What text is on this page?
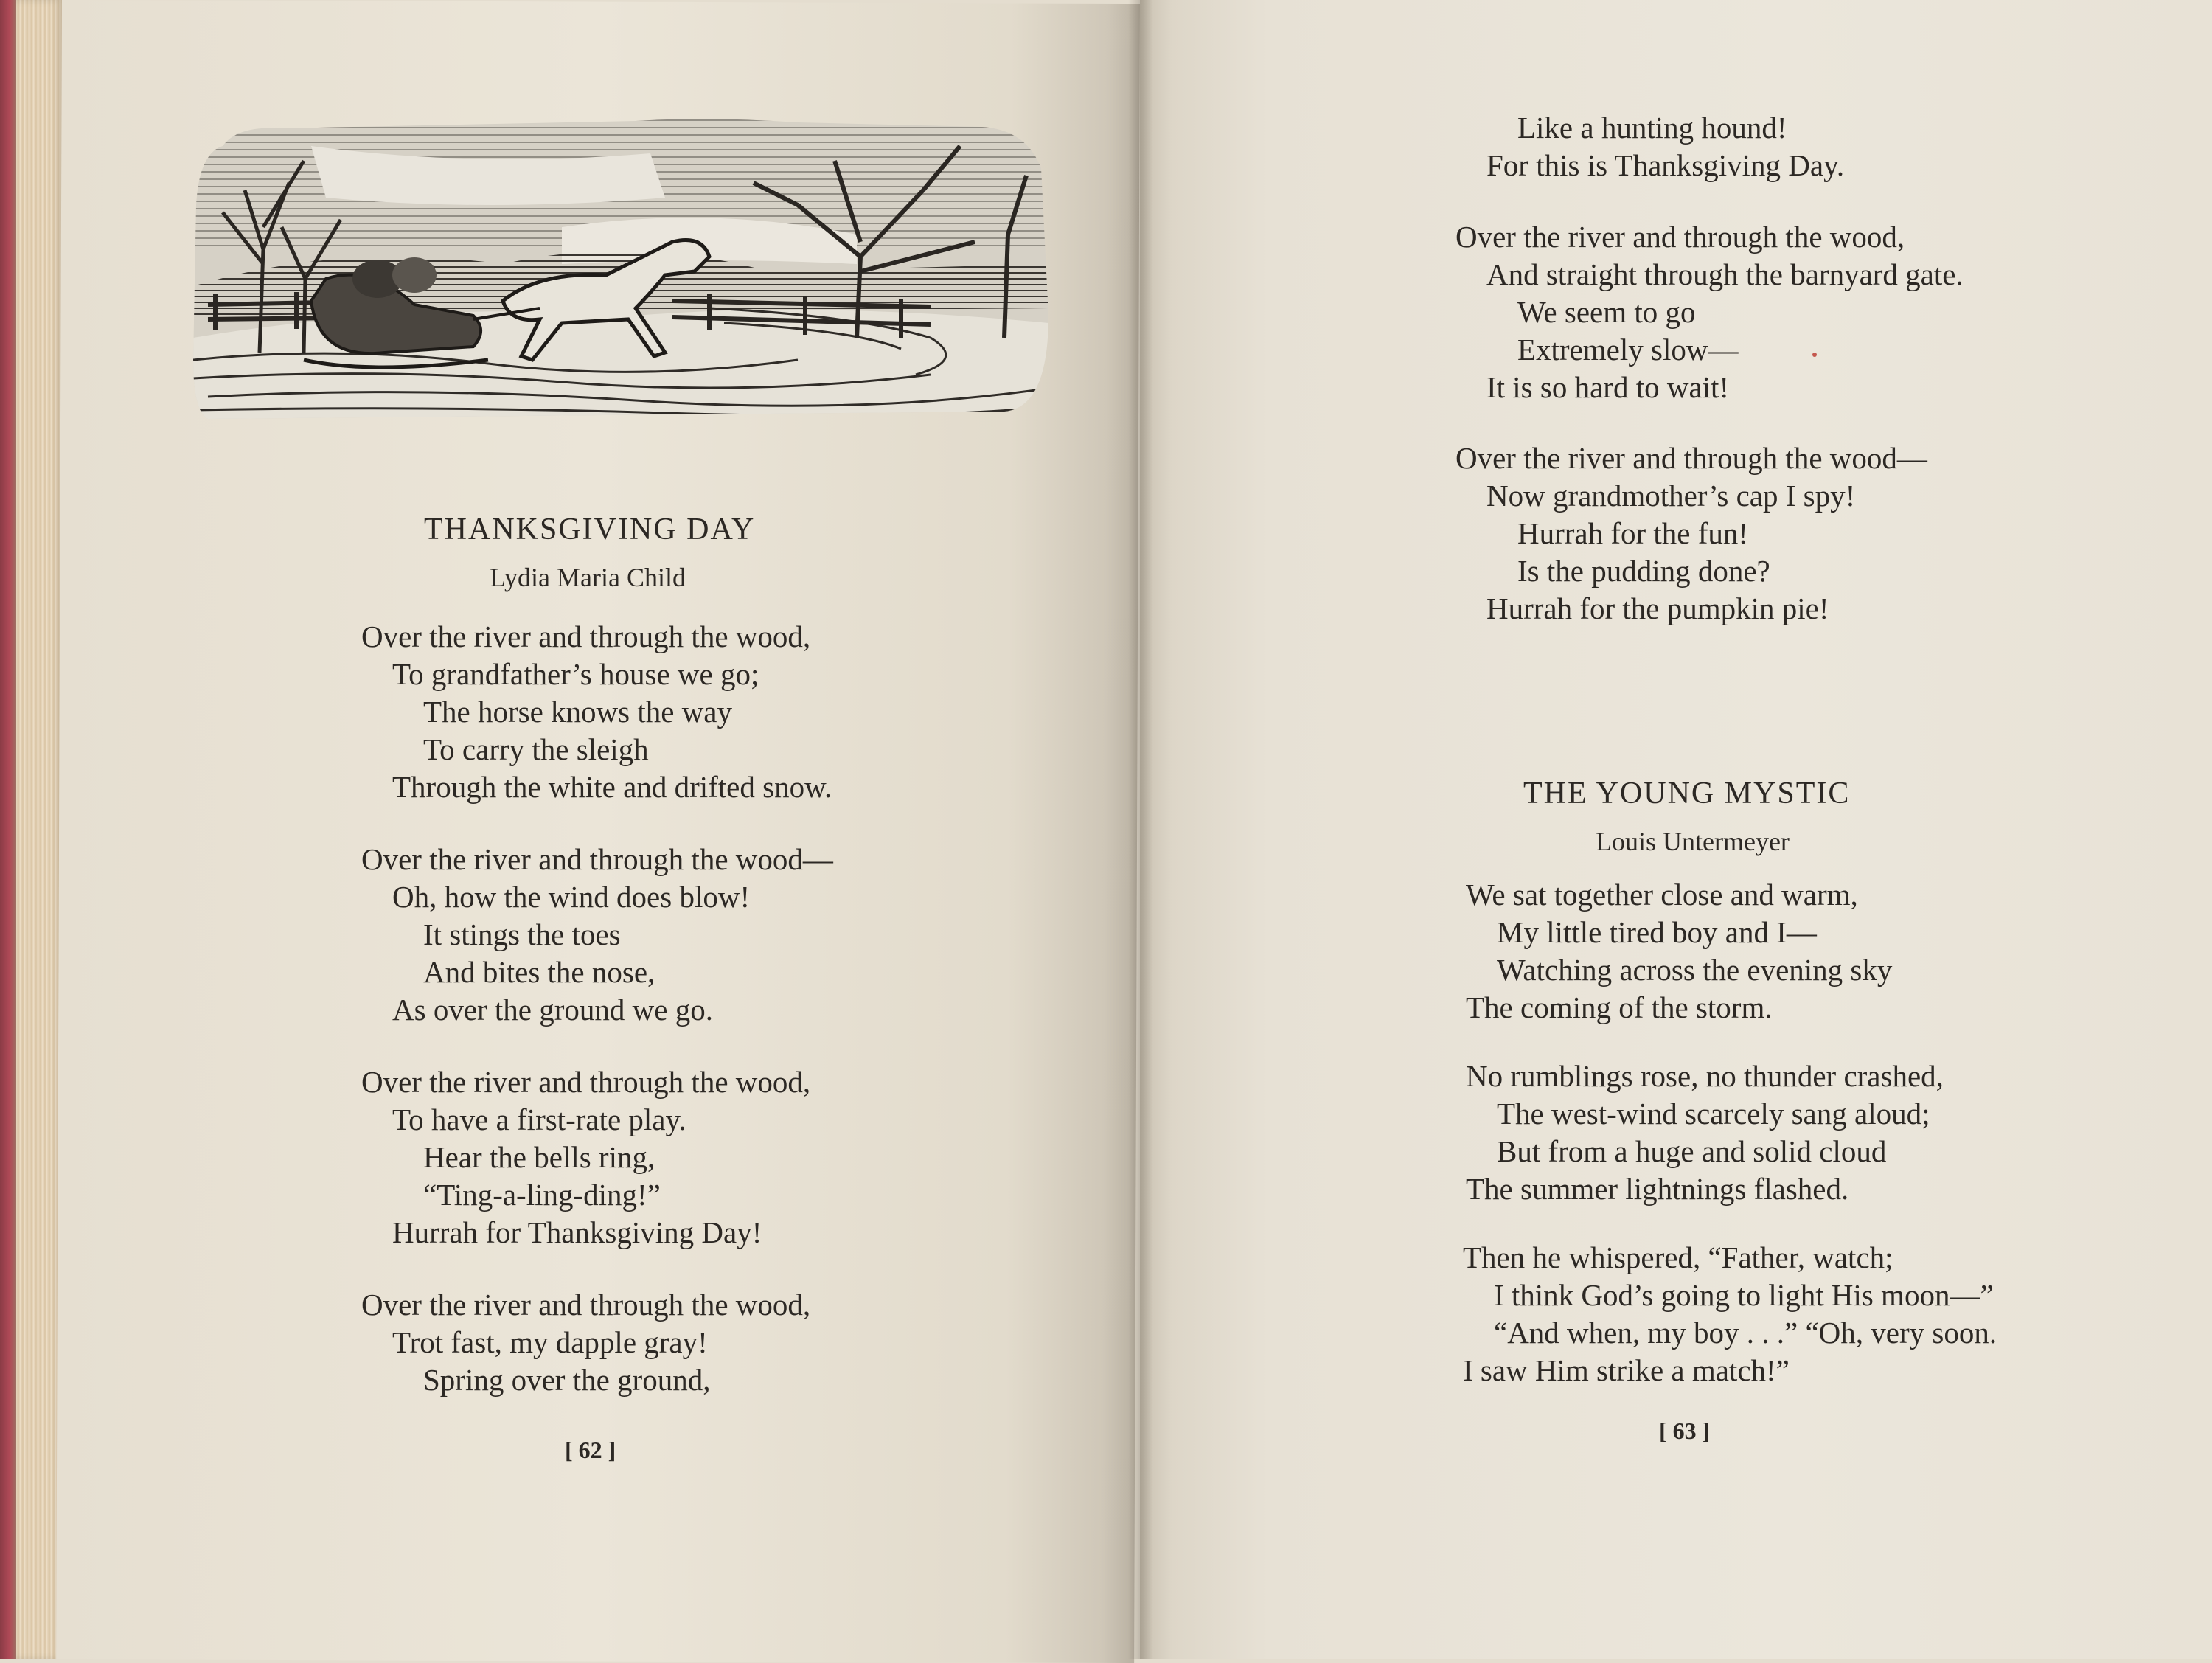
THANKSGIVING DAY
Lydia Maria Child
Over the river and through the wood,
To grandfather’s house we go;
The horse knows the way
To carry the sleigh
Through the white and drifted snow.
Over the river and through the wood—
Oh, how the wind does blow!
It stings the toes
And bites the nose,
As over the ground we go.
Over the river and through the wood,
To have a first-rate play.
Hear the bells ring,
“Ting-a-ling-ding!”
Hurrah for Thanksgiving Day!
Over the river and through the wood,
Trot fast, my dapple gray!
Spring over the ground,
[ 62 ]
Like a hunting hound!
For this is Thanksgiving Day.
Over the river and through the wood,
And straight through the barnyard gate.
We seem to go
Extremely slow—
It is so hard to wait!
Over the river and through the wood—
Now grandmother’s cap I spy!
Hurrah for the fun!
Is the pudding done?
Hurrah for the pumpkin pie!
THE YOUNG MYSTIC
Louis Untermeyer
We sat together close and warm,
My little tired boy and I—
Watching across the evening sky
The coming of the storm.
No rumblings rose, no thunder crashed,
The west-wind scarcely sang aloud;
But from a huge and solid cloud
The summer lightnings flashed.
Then he whispered, “Father, watch;
I think God’s going to light His moon—”
“And when, my boy . . .” “Oh, very soon.
I saw Him strike a match!”
[ 63 ]
